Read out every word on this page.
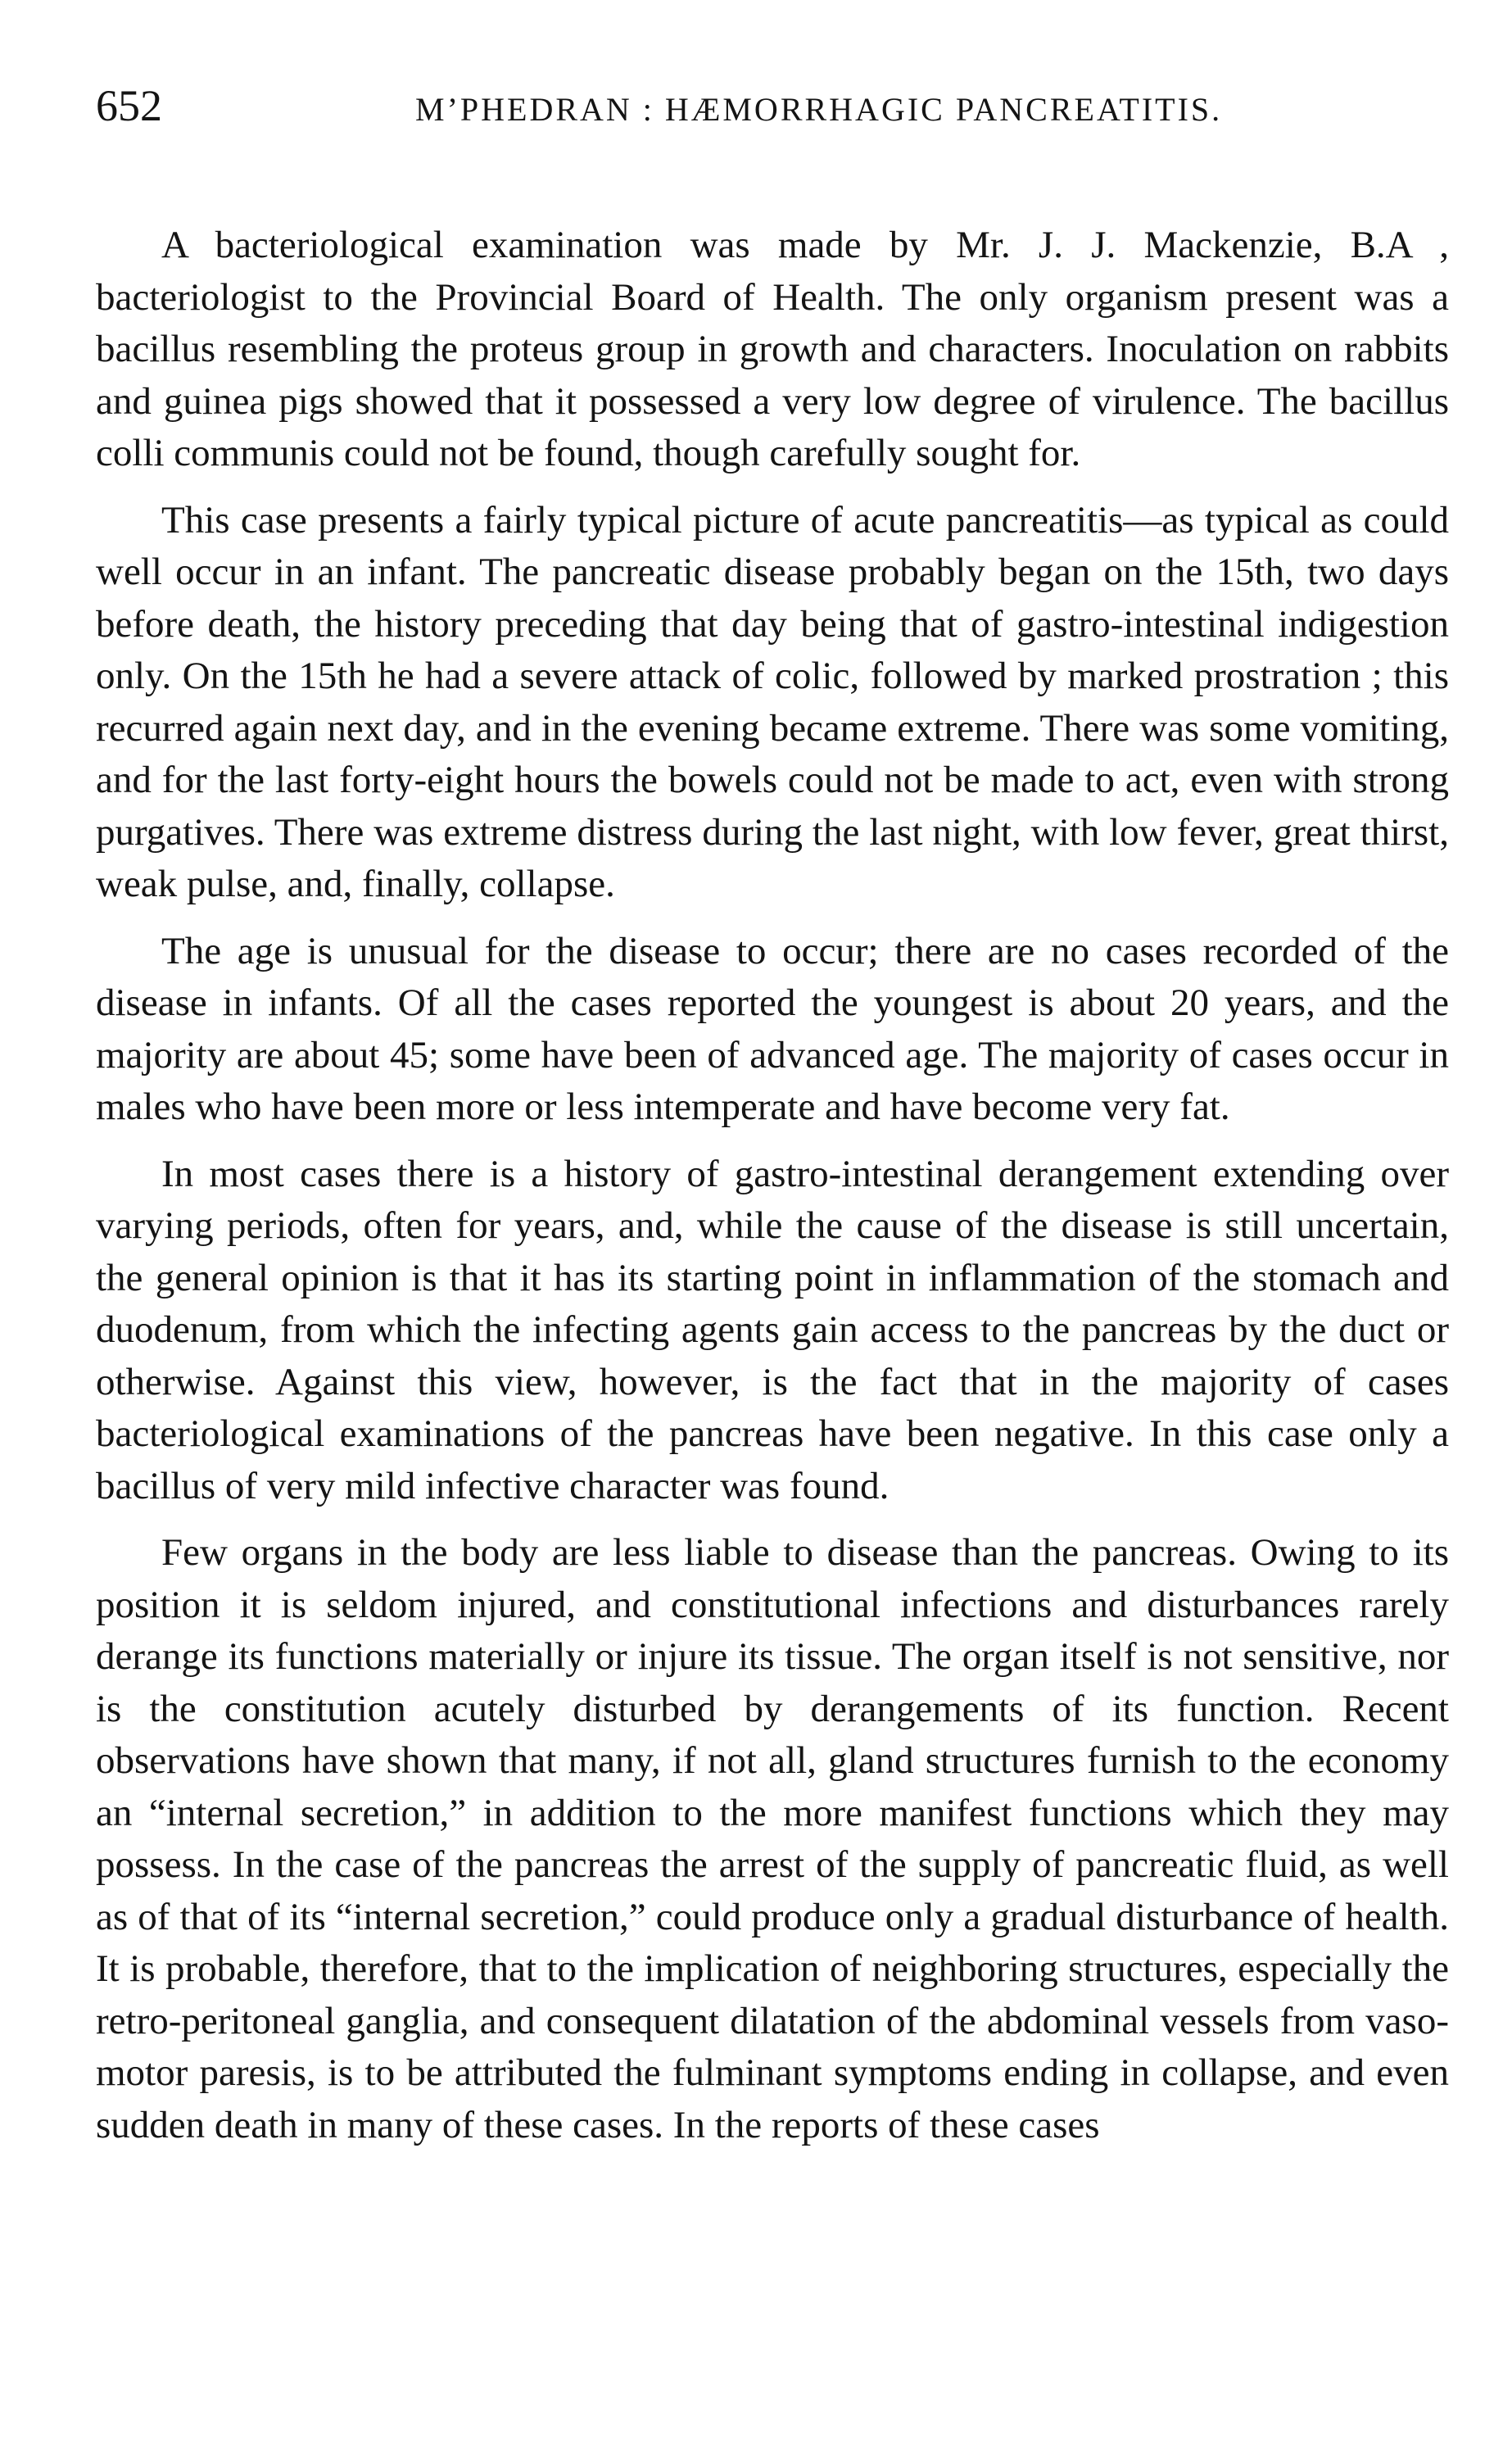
652	M’PHEDRAN : HÆMORRHAGIC PANCREATITIS.

A bacteriological examination was made by Mr. J. J. Mackenzie, B.A , bacteriologist to the Provincial Board of Health. The only organism present was a bacillus resembling the proteus group in growth and characters. Inoculation on rabbits and guinea pigs showed that it possessed a very low degree of virulence. The bacillus colli communis could not be found, though carefully sought for.

This case presents a fairly typical picture of acute pancreatitis—as typical as could well occur in an infant. The pancreatic disease probably began on the 15th, two days before death, the history preceding that day being that of gastro-intestinal indigestion only. On the 15th he had a severe attack of colic, followed by marked prostration ; this recurred again next day, and in the evening became extreme. There was some vomiting, and for the last forty-eight hours the bowels could not be made to act, even with strong purgatives. There was extreme distress during the last night, with low fever, great thirst, weak pulse, and, finally, collapse.

The age is unusual for the disease to occur; there are no cases recorded of the disease in infants. Of all the cases reported the youngest is about 20 years, and the majority are about 45; some have been of advanced age. The majority of cases occur in males who have been more or less intemperate and have become very fat.

In most cases there is a history of gastro-intestinal derangement extending over varying periods, often for years, and, while the cause of the disease is still uncertain, the general opinion is that it has its starting point in inflammation of the stomach and duodenum, from which the infecting agents gain access to the pancreas by the duct or otherwise. Against this view, however, is the fact that in the majority of cases bacteriological examinations of the pancreas have been negative. In this case only a bacillus of very mild infective character was found.

Few organs in the body are less liable to disease than the pancreas. Owing to its position it is seldom injured, and constitutional infections and disturbances rarely derange its functions materially or injure its tissue. The organ itself is not sensitive, nor is the constitution acutely disturbed by derangements of its function. Recent observations have shown that many, if not all, gland structures furnish to the economy an “internal secretion,” in addition to the more manifest functions which they may possess. In the case of the pancreas the arrest of the supply of pancreatic fluid, as well as of that of its “internal secretion,” could produce only a gradual disturbance of health. It is probable, therefore, that to the implication of neighboring structures, especially the retro-peritoneal ganglia, and consequent dilatation of the abdominal vessels from vaso-motor paresis, is to be attributed the fulminant symptoms ending in collapse, and even sudden death in many of these cases. In the reports of these cases
